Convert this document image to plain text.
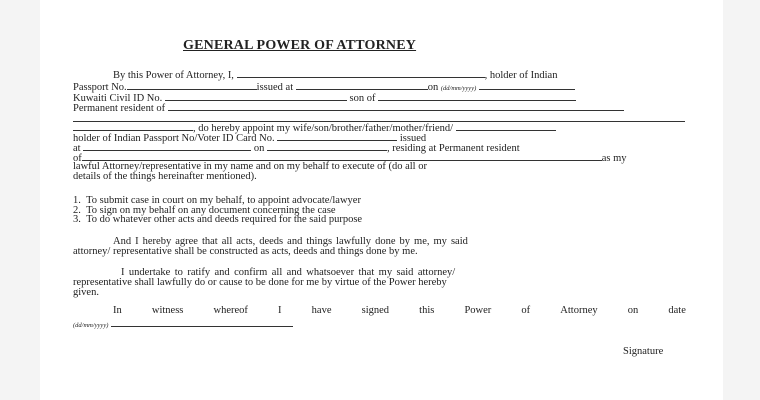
GENERAL POWER OF ATTORNEY
By this Power of Attorney, I,	, holder of Indian
Passport No.	issued at	on (dd/mm/yyyy)
Kuwaiti Civil ID No.	son of
Permanent resident of
, do hereby appoint my wife/son/brother/father/mother/friend/
holder of Indian Passport No/Voter ID Card No.	issued
at	on	, residing at Permanent resident
of	as my
lawful Attorney/representative in my name and on my behalf to execute of (do all or
details of the things hereinafter mentioned).
1. To submit case in court on my behalf, to appoint advocate/lawyer
2. To sign on my behalf on any document concerning the case
3. To do whatever other acts and deeds required for the said purpose
And I hereby agree that all acts, deeds and things lawfully done by me, my said
attorney/ representative shall be constructed as acts, deeds and things done by me.
I undertake to ratify and confirm all and whatsoever that my said attorney/
representative shall lawfully do or cause to be done for me by virtue of the Power hereby
given.
In	witness	whereof	I	have	signed	this	Power	of	Attorney	on	date
(dd/mm/yyyy)
Signature
